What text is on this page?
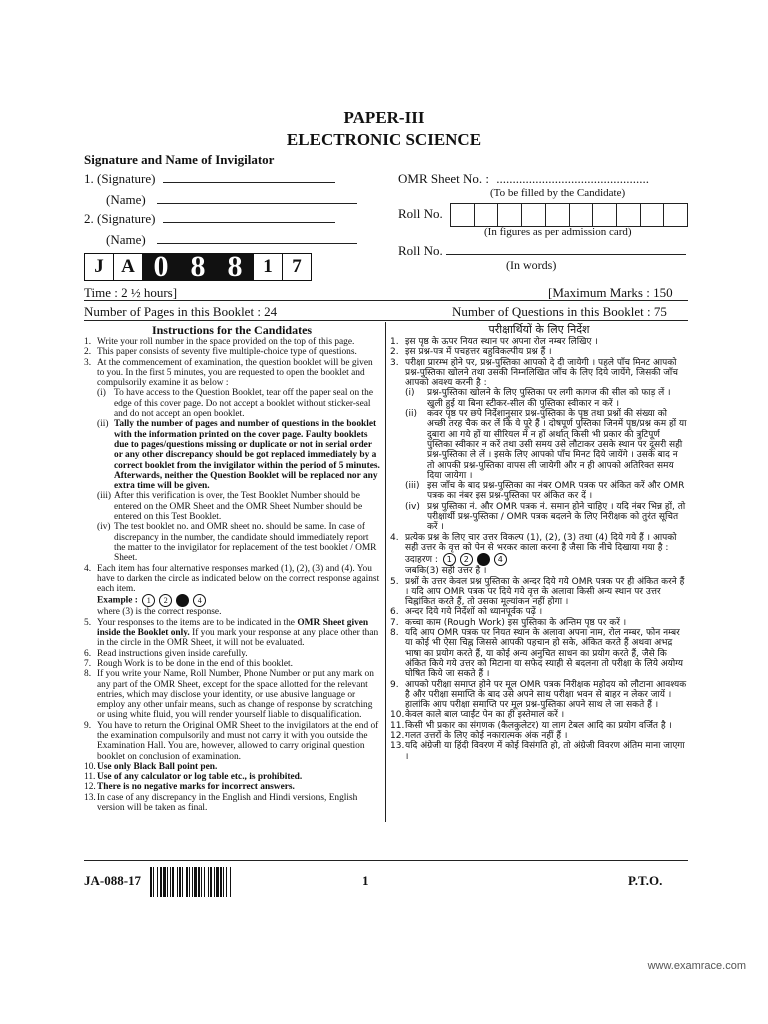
PAPER-III
ELECTRONIC SCIENCE
Signature and Name of Invigilator
1. (Signature)
(Name)
2. (Signature)
(Name)
OMR Sheet No. : ...............................................
(To be filled by the Candidate)
Roll No.
(In figures as per admission card)
Roll No.
(In words)
J A 0 8 8	1	7
Time : 2 ½ hours]	[Maximum Marks : 150
Number of Pages in this Booklet : 24	Number of Questions in this Booklet : 75
Instructions for the Candidates
1. Write your roll number in the space provided on the top of this page.
2. This paper consists of seventy five multiple-choice type of questions.
3. At the commencement of examination, the question booklet will be given to you. In the first 5 minutes, you are requested to open the booklet and compulsorily examine it as below :
(i) To have access to the Question Booklet, tear off the paper seal on the edge of this cover page. Do not accept a booklet without sticker-seal and do not accept an open booklet.
(ii) Tally the number of pages and number of questions in the booklet with the information printed on the cover page. Faulty booklets due to pages/questions missing or duplicate or not in serial order or any other discrepancy should be got replaced immediately by a correct booklet from the invigilator within the period of 5 minutes. Afterwards, neither the Question Booklet will be replaced nor any extra time will be given.
(iii) After this verification is over, the Test Booklet Number should be entered on the OMR Sheet and the OMR Sheet Number should be entered on this Test Booklet.
(iv) The test booklet no. and OMR sheet no. should be same. In case of discrepancy in the number, the candidate should immediately report the matter to the invigilator for replacement of the test booklet / OMR Sheet.
4. Each item has four alternative responses marked (1), (2), (3) and (4). You have to darken the circle as indicated below on the correct response against each item.
Example : 1 2	4
where (3) is the correct response.
5. Your responses to the items are to be indicated in the OMR Sheet given inside the Booklet only. If you mark your response at any place other than in the circle in the OMR Sheet, it will not be evaluated.
6. Read instructions given inside carefully.
7. Rough Work is to be done in the end of this booklet.
8. If you write your Name, Roll Number, Phone Number or put any mark on any part of the OMR Sheet, except for the space allotted for the relevant entries, which may disclose your identity, or use abusive language or employ any other unfair means, such as change of response by scratching or using white fluid, you will render yourself liable to disqualification.
9. You have to return the Original OMR Sheet to the invigilators at the end of the examination compulsorily and must not carry it with you outside the Examination Hall. You are, however, allowed to carry original question booklet on conclusion of examination.
10. Use only Black Ball point pen.
11. Use of any calculator or log table etc., is prohibited.
12. There is no negative marks for incorrect answers.
13. In case of any discrepancy in the English and Hindi versions, English version will be taken as final.
परीक्षार्थियों के लिए निर्देश
1. इस पृष्ठ के ऊपर नियत स्थान पर अपना रोल नम्बर लिखिए ।
2. इस प्रश्न-पत्र में पचहत्तर बहुविकल्पीय प्रश्न हैं ।
3. परीक्षा प्रारम्भ होने पर, प्रश्न-पुस्तिका आपको दे दी जायेगी । पहले पाँच मिनट आपको प्रश्न-पुस्तिका खोलने तथा उसकी निम्नलिखित जाँच के लिए दिये जायेंगे, जिसकी जाँच आपको अवश्य करनी है :
(i)	प्रश्न-पुस्तिका खोलने के लिए पुस्तिका पर लगी कागज की सील को फाड़ लें । खुली हुई या बिना स्टीकर-सील की पुस्तिका स्वीकार न करें ।
(ii)	कवर पृष्ठ पर छपे निर्देशानुसार प्रश्न-पुस्तिका के पृष्ठ तथा प्रश्नों की संख्या को अच्छी तरह चैक कर लें कि ये पूरे हैं । दोषपूर्ण पुस्तिका जिनमें पृष्ठ/प्रश्न कम हों या दुबारा आ गये हों या सीरियल में न हों अर्थात् किसी भी प्रकार की त्रुटिपूर्ण पुस्तिका स्वीकार न करें तथा उसी समय उसे लौटाकर उसके स्थान पर दूसरी सही प्रश्न-पुस्तिका ले लें । इसके लिए आपको पाँच मिनट दिये जायेंगे । उसके बाद न तो आपकी प्रश्न-पुस्तिका वापस ली जायेगी और न ही आपको अतिरिक्त समय दिया जायेगा ।
(iii) इस जाँच के बाद प्रश्न-पुस्तिका का नंबर OMR पत्रक पर अंकित करें और OMR पत्रक का नंबर इस प्रश्न-पुस्तिका पर अंकित कर दें ।
(iv) प्रश्न पुस्तिका नं. और OMR पत्रक नं. समान होने चाहिए । यदि नंबर भिन्न हों, तो परीक्षार्थी प्रश्न-पुस्तिका / OMR पत्रक बदलने के लिए निरीक्षक को तुरंत सूचित करें ।
4. प्रत्येक प्रश्न के लिए चार उत्तर विकल्प (1), (2), (3) तथा (4) दिये गये हैं । आपको सही उत्तर के वृत्त को पेन से भरकर काला करना है जैसा कि नीचे दिखाया गया है :
उदाहरण : 1 2	4
जबकि(3) सही उत्तर है ।
5. प्रश्नों के उत्तर केवल प्रश्न पुस्तिका के अन्दर दिये गये OMR पत्रक पर ही अंकित करने हैं । यदि आप OMR पत्रक पर दिये गये वृत्त के अलावा किसी अन्य स्थान पर उत्तर चिह्नांकित करते हैं, तो उसका मूल्यांकन नहीं होगा ।
6. अन्दर दिये गये निर्देशों को ध्यानपूर्वक पढ़ें ।
7. कच्चा काम (Rough Work) इस पुस्तिका के अन्तिम पृष्ठ पर करें ।
8. यदि आप OMR पत्रक पर नियत स्थान के अलावा अपना नाम, रोल नम्बर, फोन नम्बर या कोई भी ऐसा चिह्न जिससे आपकी पहचान हो सके, अंकित करते हैं अथवा अभद्र भाषा का प्रयोग करते हैं, या कोई अन्य अनुचित साधन का प्रयोग करते हैं, जैसे कि अंकित किये गये उत्तर को मिटाना या सफेद स्याही से बदलना तो परीक्षा के लिये अयोग्य घोषित किये जा सकते हैं ।
9. आपको परीक्षा समाप्त होने पर मूल OMR पत्रक निरीक्षक महोदय को लौटाना आवश्यक है और परीक्षा समाप्ति के बाद उसे अपने साथ परीक्षा भवन से बाहर न लेकर जायें । हालांकि आप परीक्षा समाप्ति पर मूल प्रश्न-पुस्तिका अपने साथ ले जा सकते हैं ।
10. केवल काले बाल प्वाईंट पेन का ही इस्तेमाल करें ।
11. किसी भी प्रकार का संगणक (कैलकुलेटर) या लाग टेबल आदि का प्रयोग वर्जित है ।
12. गलत उत्तरों के लिए कोई नकारात्मक अंक नहीं हैं ।
13. यदि अंग्रेजी या हिंदी विवरण में कोई विसंगति हो, तो अंग्रेजी विवरण अंतिम माना जाएगा ।
JA-088-17	1	P.T.O.
www.examrace.com
